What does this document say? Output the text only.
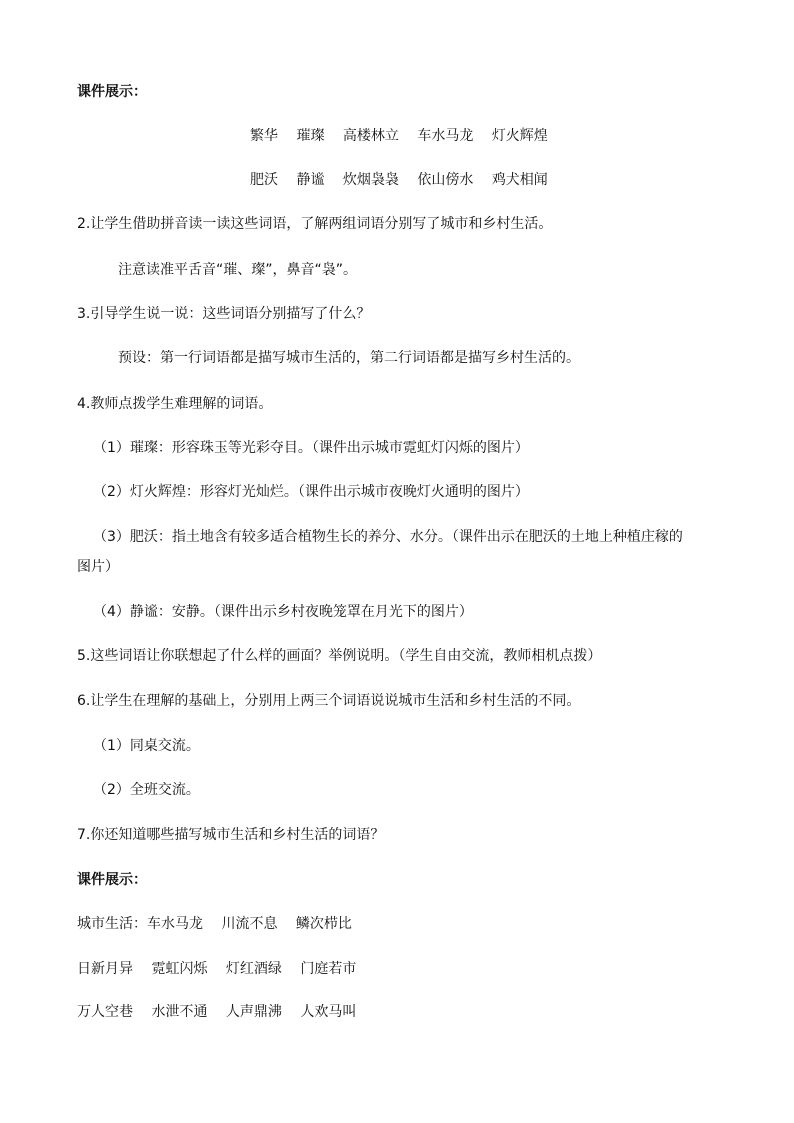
课件展示：
繁华 璀璨 高楼林立 车水马龙 灯火辉煌
肥沃 静谧 炊烟袅袅 依山傍水 鸡犬相闻
2.让学生借助拼音读一读这些词语，了解两组词语分别写了城市和乡村生活。
注意读准平舌音“璀、璨”，鼻音“袅”。
3.引导学生说一说：这些词语分别描写了什么？
预设：第一行词语都是描写城市生活的，第二行词语都是描写乡村生活的。
4.教师点拨学生难理解的词语。
（1）璀璨：形容珠玉等光彩夺目。（课件出示城市霓虹灯闪烁的图片）
（2）灯火辉煌：形容灯光灿烂。（课件出示城市夜晚灯火通明的图片）
（3）肥沃：指土地含有较多适合植物生长的养分、水分。（课件出示在肥沃的土地上种植庄稼的
图片）
（4）静谧：安静。（课件出示乡村夜晚笼罩在月光下的图片）
5.这些词语让你联想起了什么样的画面？举例说明。（学生自由交流，教师相机点拨）
6.让学生在理解的基础上，分别用上两三个词语说说城市生活和乡村生活的不同。
（1）同桌交流。
（2）全班交流。
7.你还知道哪些描写城市生活和乡村生活的词语？
课件展示：
城市生活：车水马龙 川流不息 鳞次栉比
日新月异 霓虹闪烁 灯红酒绿 门庭若市
万人空巷 水泄不通 人声鼎沸 人欢马叫
